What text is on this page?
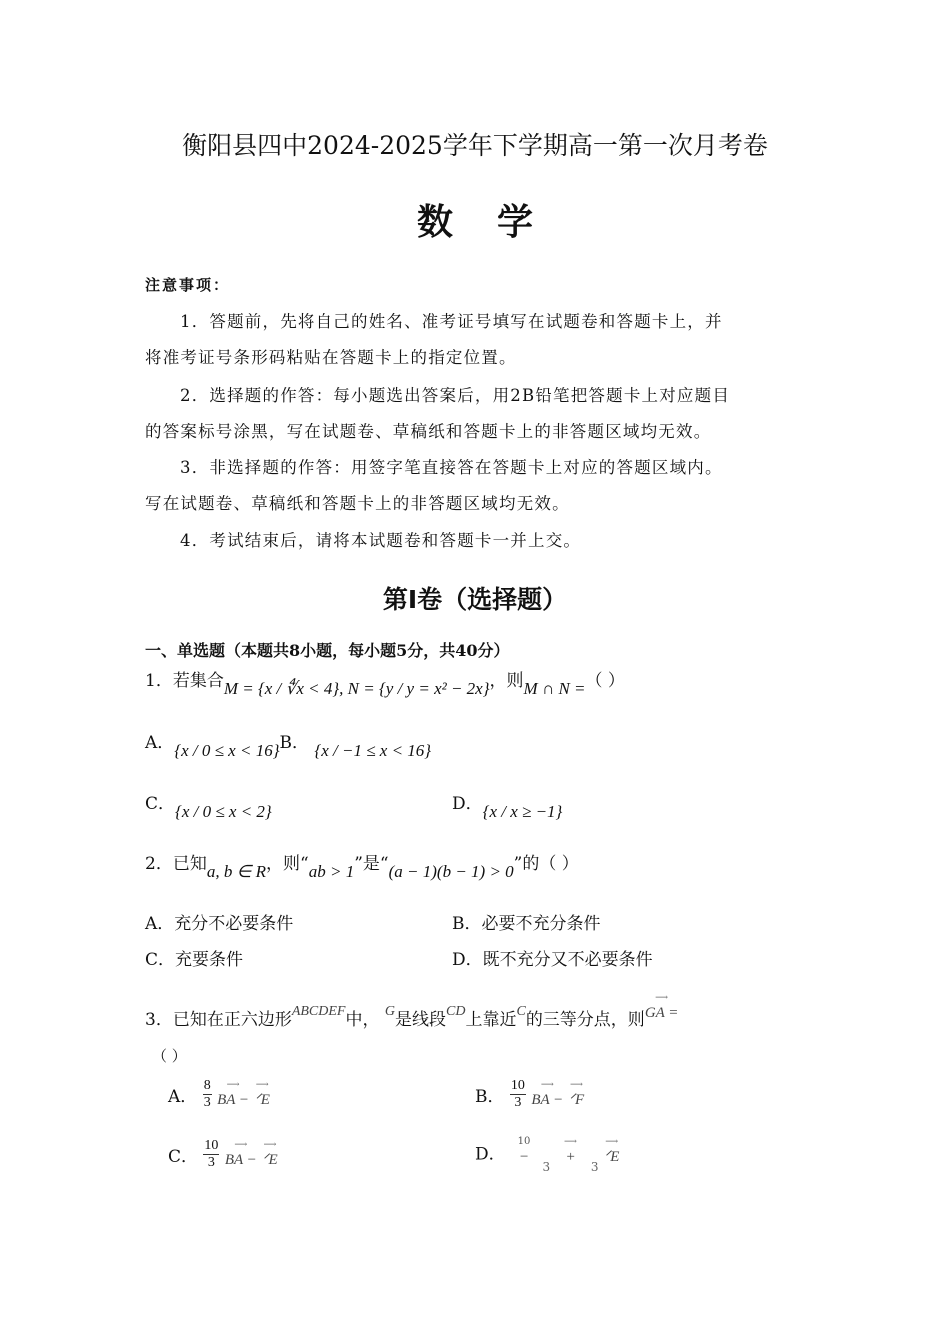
衡阳县四中2024-2025学年下学期高一第一次月考卷
数学
注意事项：
1．答题前，先将自己的姓名、准考证号填写在试题卷和答题卡上，并
将准考证号条形码粘贴在答题卡上的指定位置。
2．选择题的作答：每小题选出答案后，用2B铅笔把答题卡上对应题目
的答案标号涂黑，写在试题卷、草稿纸和答题卡上的非答题区域均无效。
3．非选择题的作答：用签字笔直接答在答题卡上对应的答题区域内。
写在试题卷、草稿纸和答题卡上的非答题区域均无效。
4．考试结束后，请将本试题卷和答题卡一并上交。
第Ⅰ卷（选择题）
一、单选题（本题共8小题，每小题5分，共40分）
1．若集合M = {x / ∜x < 4}, N = {y / y = x² − 2x}，则M ∩ N =（ ）
A．{x / 0 ≤ x < 16}B． {x / −1 ≤ x < 16}
C．{x / 0 ≤ x < 2}	D．{x / x ≥ −1}
2．已知a, b ∈ R，则“ab > 1”是“(a − 1)(b − 1) > 0”的（ ）
A．充分不必要条件	B．必要不充分条件
C．充要条件	D．既不充分又不必要条件
3．已知在正六边形$^{ABCDEF}$中， $^G$是线段$^{CD}$上靠近$^C$的三等分点，则
⟶
GA =
（ ）
A． $\frac{8}{3}$
	⟶
BA −
⟶
ᐟE	B． $\frac{10}{3}$
	⟶
BA −
⟶
ᐟF
C． $\frac{10}{3}$
	⟶
BA −
⟶
ᐟE	D．
10
− 3
⟶
+ 3
⟶
ᐟE
